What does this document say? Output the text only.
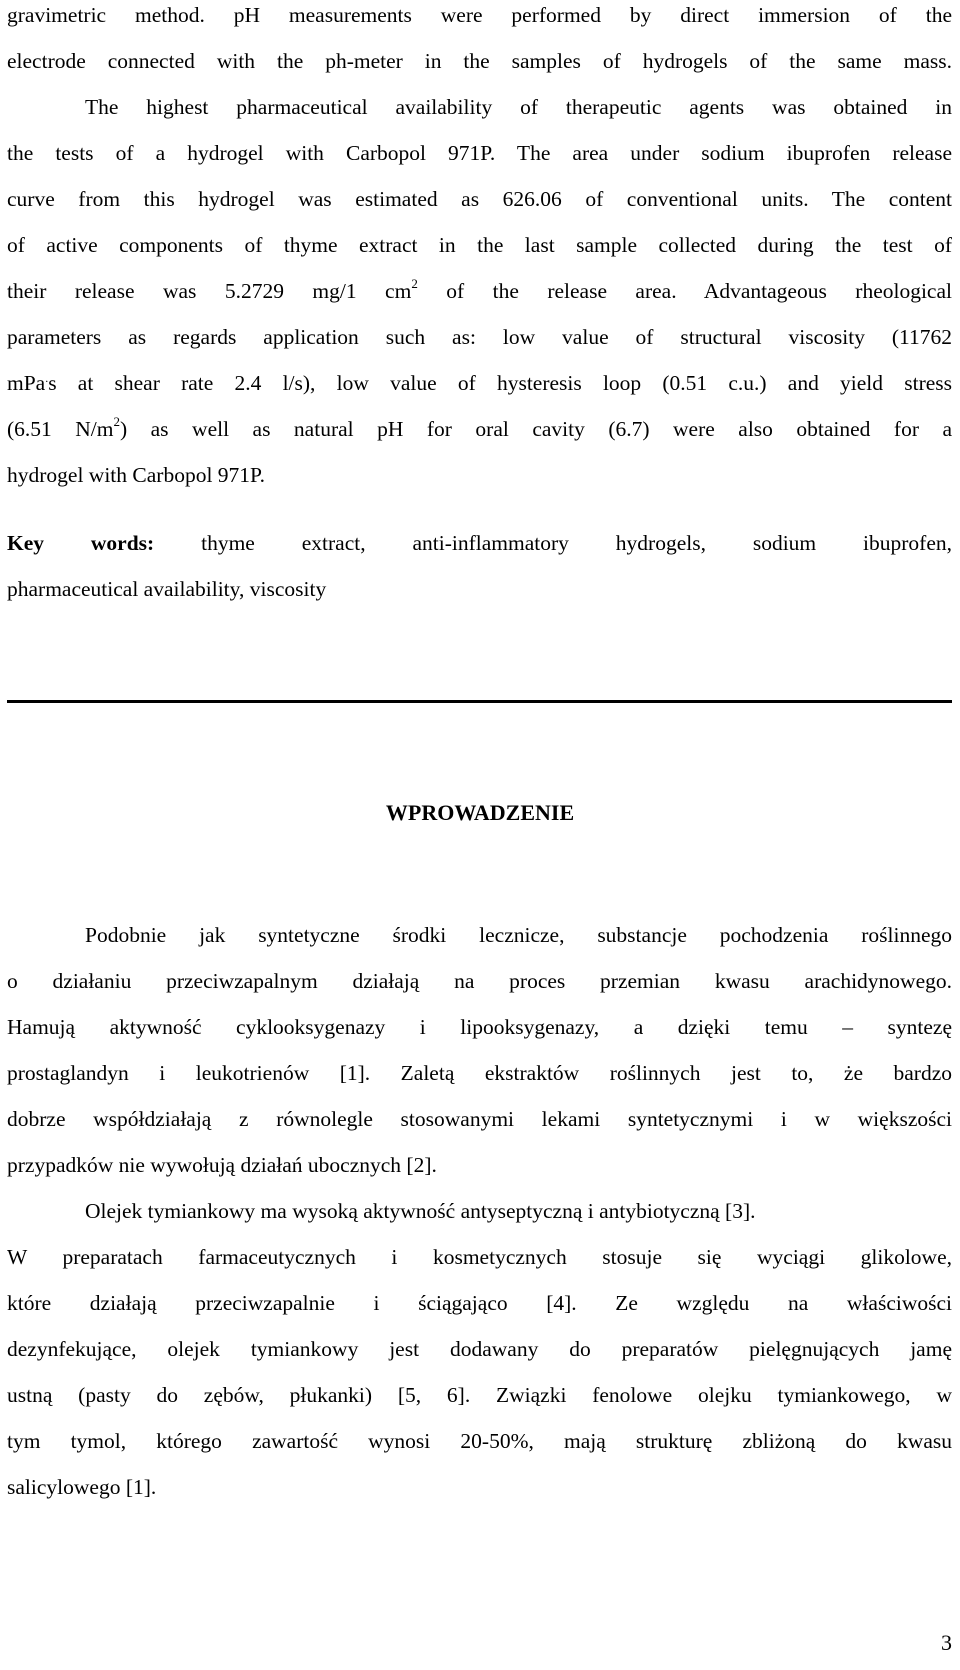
gravimetric method. pH measurements were performed by direct immersion of the
electrode connected with the ph-meter in the samples of hydrogels of the same mass.
The highest pharmaceutical availability of therapeutic agents was obtained in
the tests of a hydrogel with Carbopol 971P. The area under sodium ibuprofen release
curve from this hydrogel was estimated as 626.06 of conventional units. The content
of active components of thyme extract in the last sample collected during the test of
their release was 5.2729 mg/1 $cm^2$ of the release area. Advantageous rheological
parameters as regards application such as: low value of structural viscosity (11762
mPa.s at shear rate 2.4 l/s), low value of hysteresis loop (0.51 c.u.) and yield stress
(6.51 $N/m^2$) as well as natural pH for oral cavity (6.7) were also obtained for a
hydrogel with Carbopol 971P.
Key words: thyme extract, anti-inflammatory hydrogels, sodium ibuprofen,
pharmaceutical availability, viscosity
WPROWADZENIE
Podobnie jak syntetyczne środki lecznicze, substancje pochodzenia roślinnego
o działaniu przeciwzapalnym działają na proces przemian kwasu arachidynowego.
Hamują aktywność cyklooksygenazy i lipooksygenazy, a dzięki temu – syntezę
prostaglandyn i leukotrienów [1]. Zaletą ekstraktów roślinnych jest to, że bardzo
dobrze współdziałają z równolegle stosowanymi lekami syntetycznymi i w większości
przypadków nie wywołują działań ubocznych [2].
Olejek tymiankowy ma wysoką aktywność antyseptyczną i antybiotyczną [3].
W preparatach farmaceutycznych i kosmetycznych stosuje się wyciągi glikolowe,
które działają przeciwzapalnie i ściągająco [4]. Ze względu na właściwości
dezynfekujące, olejek tymiankowy jest dodawany do preparatów pielęgnujących jamę
ustną (pasty do zębów, płukanki) [5, 6]. Związki fenolowe olejku tymiankowego, w
tym tymol, którego zawartość wynosi 20-50%, mają strukturę zbliżoną do kwasu
salicylowego [1].
3
